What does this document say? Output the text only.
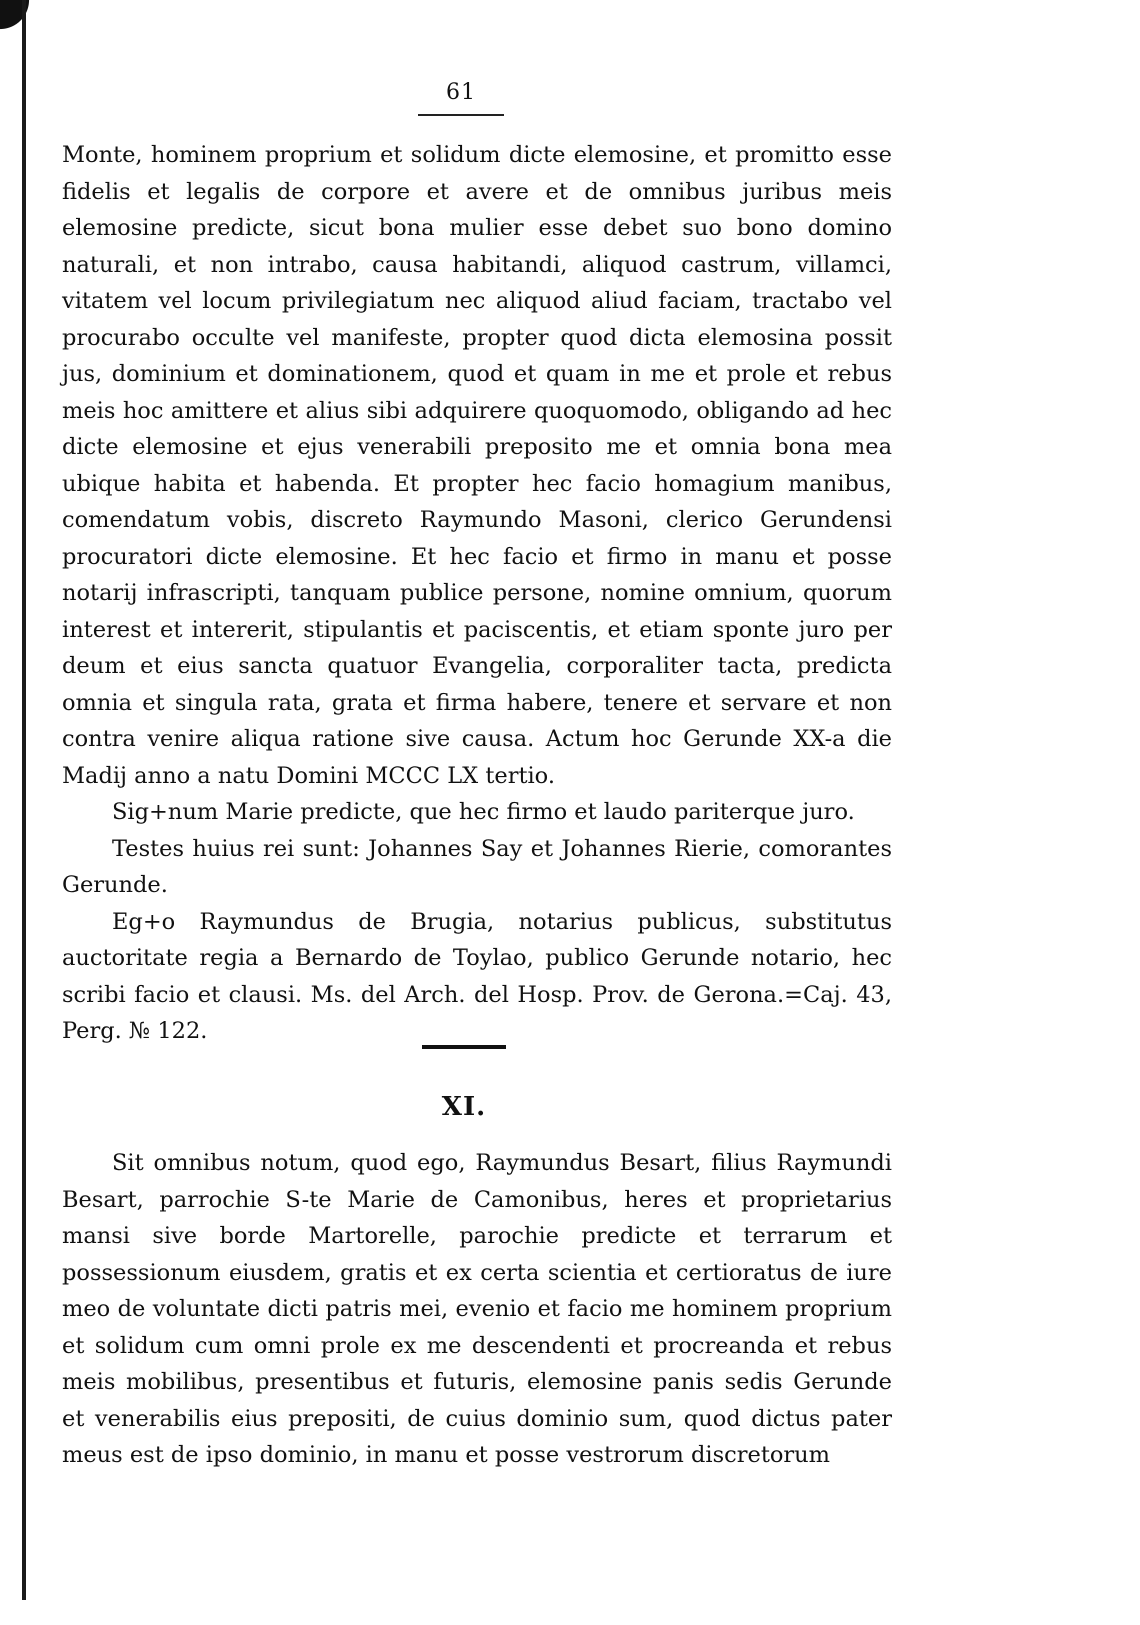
61

Monte, hominem proprium et solidum dicte elemosine, et promitto esse fidelis et legalis de corpore et avere et de omnibus juribus meis elemosine predicte, sicut bona mulier esse debet suo bono domino naturali, et non intrabo, causa habitandi, aliquod castrum, villamci, vitatem vel locum privilegiatum nec aliquod aliud faciam, tractabo vel procurabo occulte vel manifeste, propter quod dicta elemosina possit jus, dominium et dominationem, quod et quam in me et prole et rebus meis hoc amittere et alius sibi adquirere quoquomodo, obligando ad hec dicte elemosine et ejus venerabili preposito me et omnia bona mea ubique habita et habenda. Et propter hec facio homagium manibus, comendatum vobis, discreto Raymundo Masoni, clerico Gerundensi procuratori dicte elemosine. Et hec facio et firmo in manu et posse notarij infrascripti, tanquam publice persone, nomine omnium, quorum interest et intererit, stipulantis et paciscentis, et etiam sponte juro per deum et eius sancta quatuor Evangelia, corporaliter tacta, predicta omnia et singula rata, grata et firma habere, tenere et servare et non contra venire aliqua ratione sive causa. Actum hoc Gerunde XX-a die Madij anno a natu Domini MCCC LX tertio.

Sig+num Marie predicte, que hec firmo et laudo pariterque juro.

Testes huius rei sunt: Johannes Say et Johannes Rierie, comorantes Gerunde.

Eg+o Raymundus de Brugia, notarius publicus, substitutus auctoritate regia a Bernardo de Toylao, publico Gerunde notario, hec scribi facio et clausi. Ms. del Arch. del Hosp. Prov. de Gerona.=Caj. 43, Perg. № 122.

XI.

Sit omnibus notum, quod ego, Raymundus Besart, filius Raymundi Besart, parrochie S-te Marie de Camonibus, heres et proprietarius mansi sive borde Martorelle, parochie predicte et terrarum et possessionum eiusdem, gratis et ex certa scientia et certioratus de iure meo de voluntate dicti patris mei, evenio et facio me hominem proprium et solidum cum omni prole ex me descendenti et procreanda et rebus meis mobilibus, presentibus et futuris, elemosine panis sedis Gerunde et venerabilis eius prepositi, de cuius dominio sum, quod dictus pater meus est de ipso dominio, in manu et posse vestrorum discretorum
